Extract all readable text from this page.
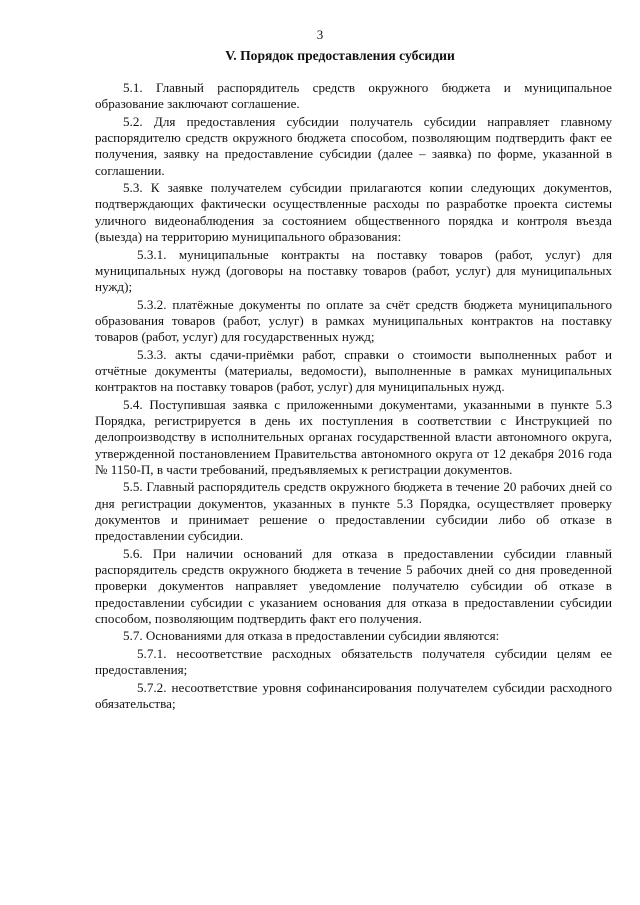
3
V. Порядок предоставления субсидии

5.1. Главный распорядитель средств окружного бюджета и муниципальное образование заключают соглашение.

5.2. Для предоставления субсидии получатель субсидии направляет главному распорядителю средств окружного бюджета способом, позволяющим подтвердить факт ее получения, заявку на предоставление субсидии (далее – заявка) по форме, указанной в соглашении.

5.3. К заявке получателем субсидии прилагаются копии следующих документов, подтверждающих фактически осуществленные расходы по разработке проекта системы уличного видеонаблюдения за состоянием общественного порядка и контроля въезда (выезда) на территорию муниципального образования:

5.3.1. муниципальные контракты на поставку товаров (работ, услуг) для муниципальных нужд (договоры на поставку товаров (работ, услуг) для муниципальных нужд);

5.3.2. платёжные документы по оплате за счёт средств бюджета муниципального образования товаров (работ, услуг) в рамках муниципальных контрактов на поставку товаров (работ, услуг) для государственных нужд;

5.3.3. акты сдачи-приёмки работ, справки о стоимости выполненных работ и отчётные документы (материалы, ведомости), выполненные в рамках муниципальных контрактов на поставку товаров (работ, услуг) для муниципальных нужд.

5.4. Поступившая заявка с приложенными документами, указанными в пункте 5.3 Порядка, регистрируется в день их поступления в соответствии с Инструкцией по делопроизводству в исполнительных органах государственной власти автономного округа, утвержденной постановлением Правительства автономного округа от 12 декабря 2016 года № 1150-П, в части требований, предъявляемых к регистрации документов.

5.5. Главный распорядитель средств окружного бюджета в течение 20 рабочих дней со дня регистрации документов, указанных в пункте 5.3 Порядка, осуществляет проверку документов и принимает решение о предоставлении субсидии либо об отказе в предоставлении субсидии.

5.6. При наличии оснований для отказа в предоставлении субсидии главный распорядитель средств окружного бюджета в течение 5 рабочих дней со дня проведенной проверки документов направляет уведомление получателю субсидии об отказе в предоставлении субсидии с указанием основания для отказа в предоставлении субсидии способом, позволяющим подтвердить факт его получения.

5.7. Основаниями для отказа в предоставлении субсидии являются:

5.7.1. несоответствие расходных обязательств получателя субсидии целям ее предоставления;

5.7.2. несоответствие уровня софинансирования получателем субсидии расходного обязательства;
